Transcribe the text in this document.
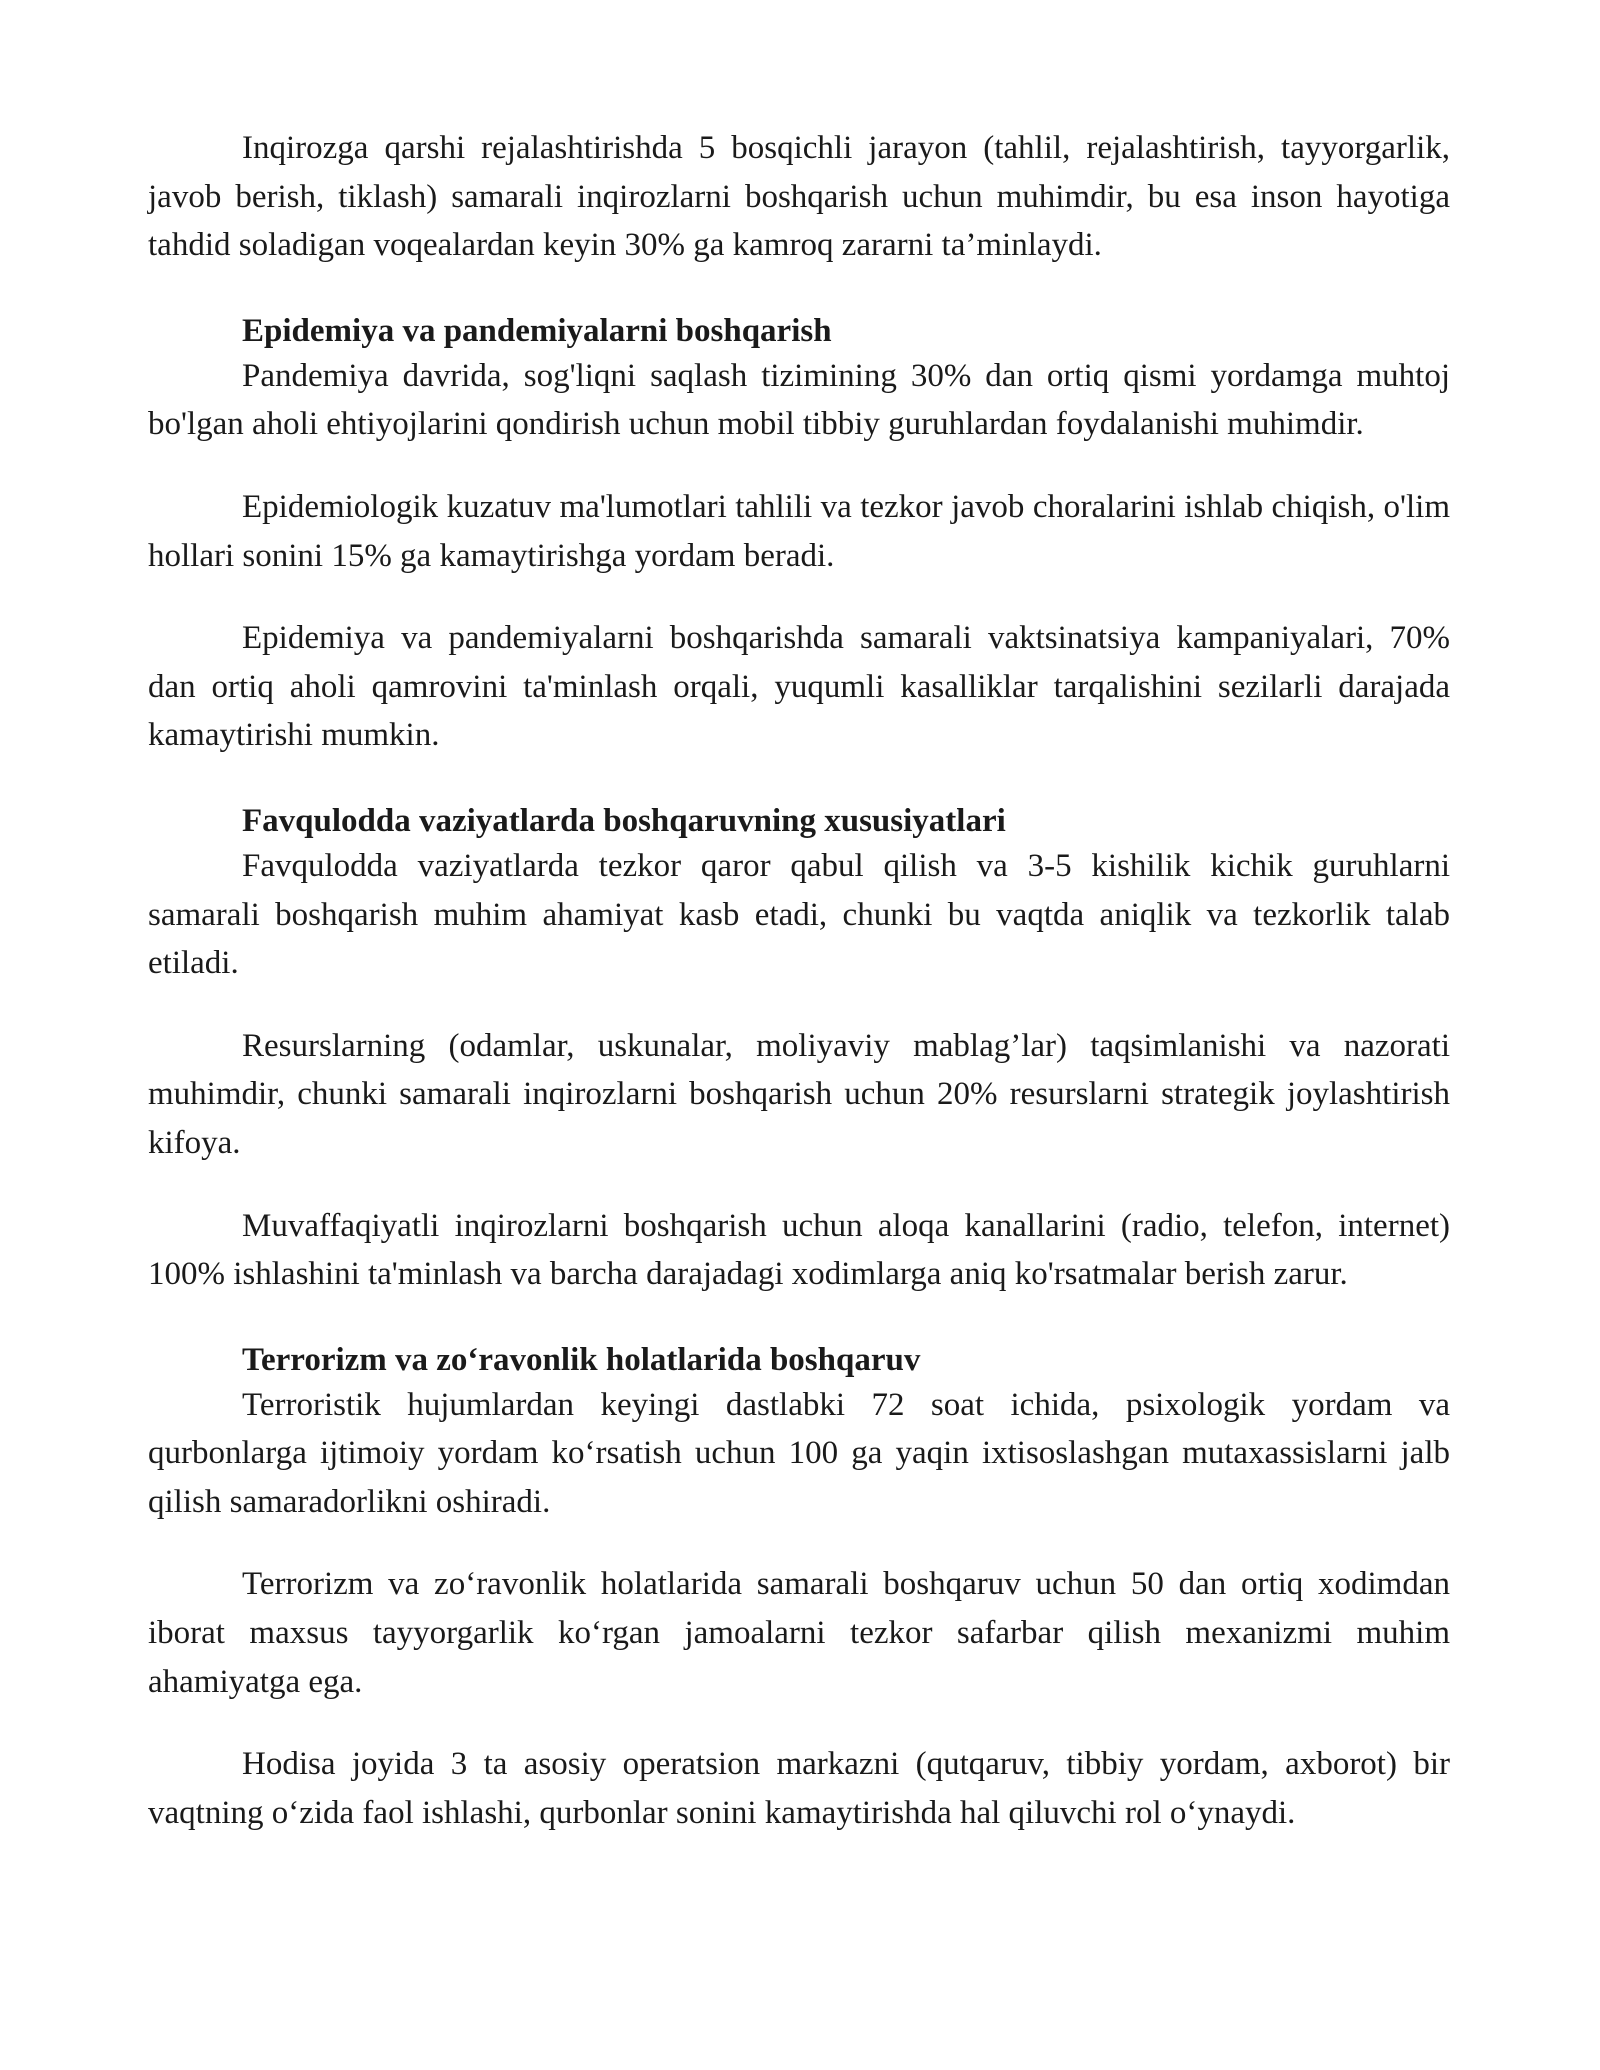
Inqirozga qarshi rejalashtirishda 5 bosqichli jarayon (tahlil, rejalashtirish, tayyorgarlik, javob berish, tiklash) samarali inqirozlarni boshqarish uchun muhimdir, bu esa inson hayotiga tahdid soladigan voqealardan keyin 30% ga kamroq zararni ta’minlaydi.

Epidemiya va pandemiyalarni boshqarish

Pandemiya davrida, sog'liqni saqlash tizimining 30% dan ortiq qismi yordamga muhtoj bo'lgan aholi ehtiyojlarini qondirish uchun mobil tibbiy guruhlardan foydalanishi muhimdir.

Epidemiologik kuzatuv ma'lumotlari tahlili va tezkor javob choralarini ishlab chiqish, o'lim hollari sonini 15% ga kamaytirishga yordam beradi.

Epidemiya va pandemiyalarni boshqarishda samarali vaktsinatsiya kampaniyalari, 70% dan ortiq aholi qamrovini ta'minlash orqali, yuqumli kasalliklar tarqalishini sezilarli darajada kamaytirishi mumkin.

Favqulodda vaziyatlarda boshqaruvning xususiyatlari

Favqulodda vaziyatlarda tezkor qaror qabul qilish va 3-5 kishilik kichik guruhlarni samarali boshqarish muhim ahamiyat kasb etadi, chunki bu vaqtda aniqlik va tezkorlik talab etiladi.

Resurslarning (odamlar, uskunalar, moliyaviy mablag’lar) taqsimlanishi va nazorati muhimdir, chunki samarali inqirozlarni boshqarish uchun 20% resurslarni strategik joylashtirish kifoya.

Muvaffaqiyatli inqirozlarni boshqarish uchun aloqa kanallarini (radio, telefon, internet) 100% ishlashini ta'minlash va barcha darajadagi xodimlarga aniq ko'rsatmalar berish zarur.

Terrorizm va zoʻravonlik holatlarida boshqaruv

Terroristik hujumlardan keyingi dastlabki 72 soat ichida, psixologik yordam va qurbonlarga ijtimoiy yordam koʻrsatish uchun 100 ga yaqin ixtisoslashgan mutaxassislarni jalb qilish samaradorlikni oshiradi.

Terrorizm va zoʻravonlik holatlarida samarali boshqaruv uchun 50 dan ortiq xodimdan iborat maxsus tayyorgarlik koʻrgan jamoalarni tezkor safarbar qilish mexanizmi muhim ahamiyatga ega.

Hodisa joyida 3 ta asosiy operatsion markazni (qutqaruv, tibbiy yordam, axborot) bir vaqtning oʻzida faol ishlashi, qurbonlar sonini kamaytirishda hal qiluvchi rol oʻynaydi.
